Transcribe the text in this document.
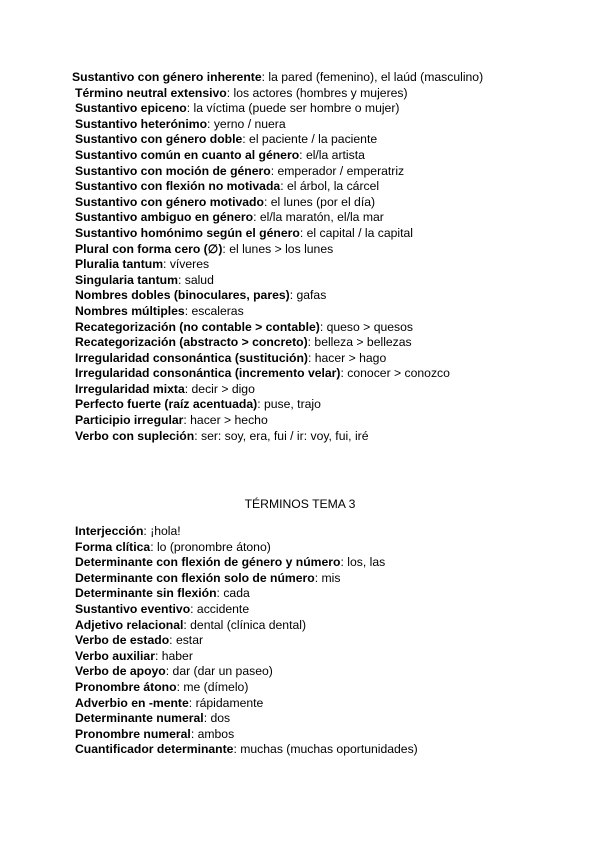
Sustantivo con género inherente: la pared (femenino), el laúd (masculino)
Término neutral extensivo: los actores (hombres y mujeres)
Sustantivo epiceno: la víctima (puede ser hombre o mujer)
Sustantivo heterónimo: yerno / nuera
Sustantivo con género doble: el paciente / la paciente
Sustantivo común en cuanto al género: el/la artista
Sustantivo con moción de género: emperador / emperatriz
Sustantivo con flexión no motivada: el árbol, la cárcel
Sustantivo con género motivado: el lunes (por el día)
Sustantivo ambiguo en género: el/la maratón, el/la mar
Sustantivo homónimo según el género: el capital / la capital
Plural con forma cero (∅): el lunes > los lunes
Pluralia tantum: víveres
Singularia tantum: salud
Nombres dobles (binoculares, pares): gafas
Nombres múltiples: escaleras
Recategorización (no contable > contable): queso > quesos
Recategorización (abstracto > concreto): belleza > bellezas
Irregularidad consonántica (sustitución): hacer > hago
Irregularidad consonántica (incremento velar): conocer > conozco
Irregularidad mixta: decir > digo
Perfecto fuerte (raíz acentuada): puse, trajo
Participio irregular: hacer > hecho
Verbo con supleción: ser: soy, era, fui / ir: voy, fui, iré
TÉRMINOS TEMA 3
Interjección: ¡hola!
Forma clítica: lo (pronombre átono)
Determinante con flexión de género y número: los, las
Determinante con flexión solo de número: mis
Determinante sin flexión: cada
Sustantivo eventivo: accidente
Adjetivo relacional: dental (clínica dental)
Verbo de estado: estar
Verbo auxiliar: haber
Verbo de apoyo: dar (dar un paseo)
Pronombre átono: me (dímelo)
Adverbio en -mente: rápidamente
Determinante numeral: dos
Pronombre numeral: ambos
Cuantificador determinante: muchas (muchas oportunidades)
